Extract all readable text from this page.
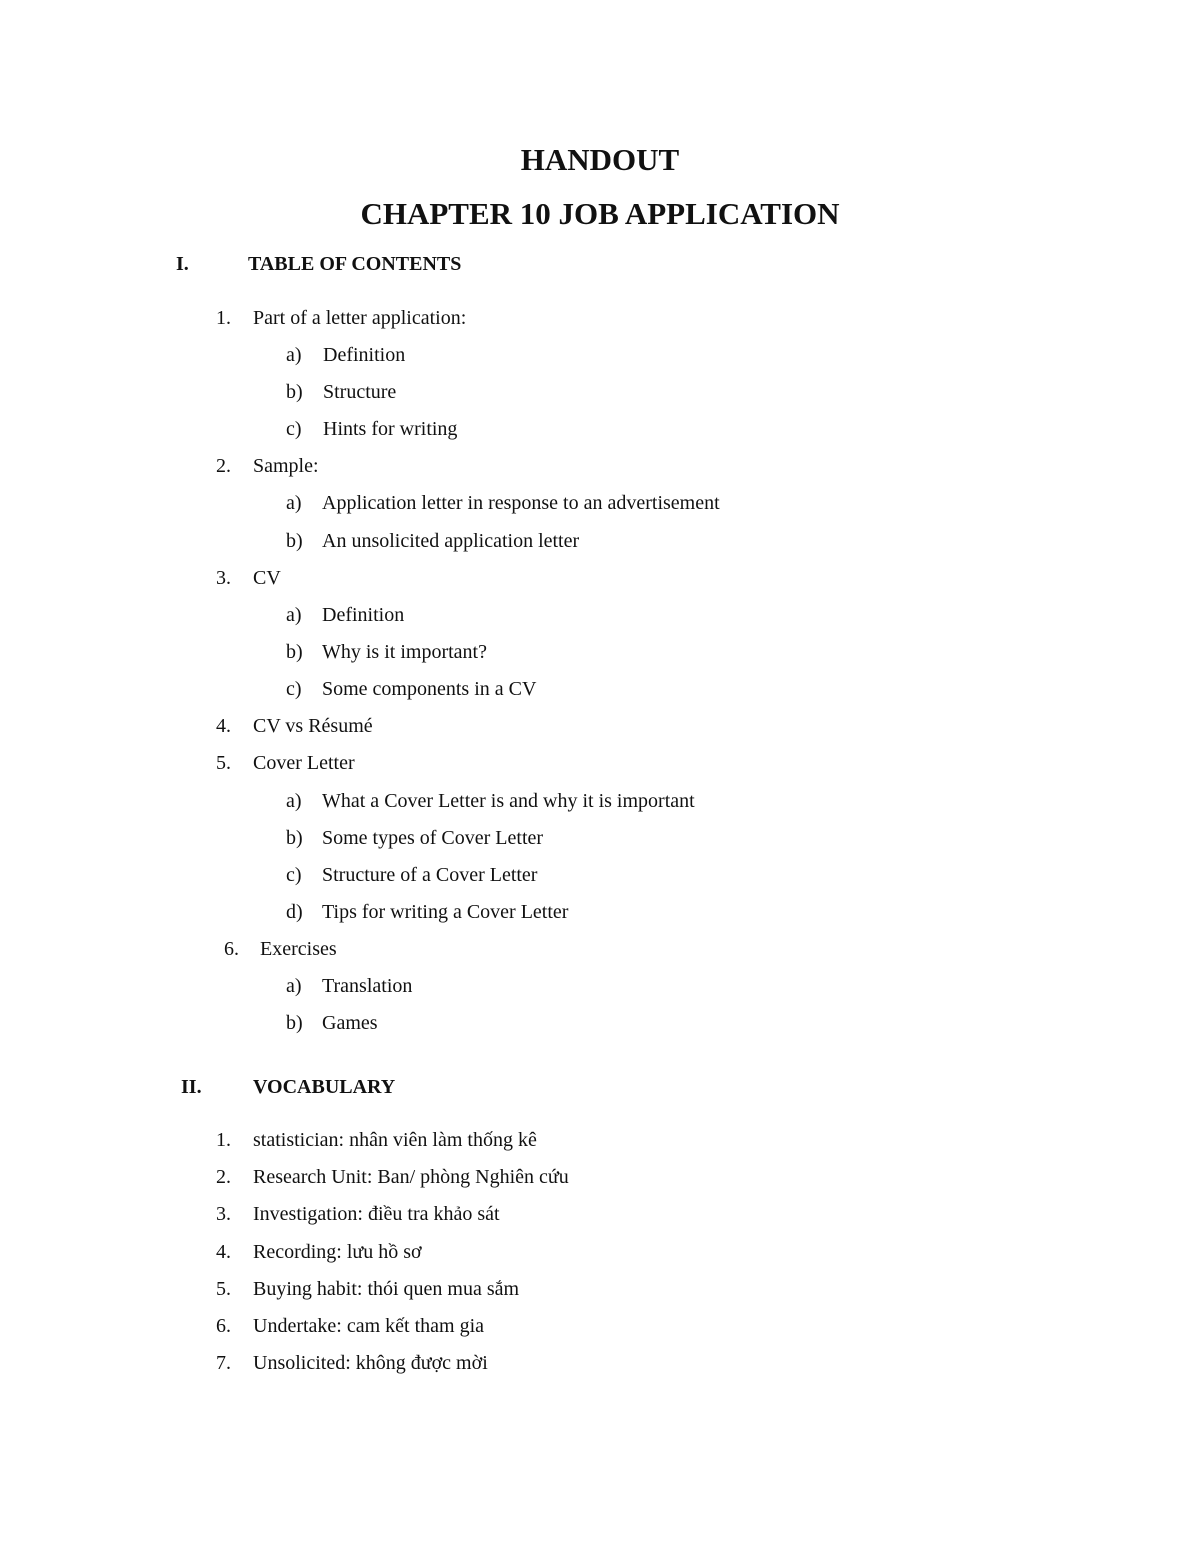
HANDOUT
CHAPTER 10 JOB APPLICATION
I.	TABLE OF CONTENTS
1. Part of a letter application:
a) Definition
b) Structure
c) Hints for writing
2. Sample:
a) Application letter in response to an advertisement
b) An unsolicited application letter
3. CV
a) Definition
b) Why is it important?
c) Some components in a CV
4. CV vs Résumé
5. Cover Letter
a) What a Cover Letter is and why it is important
b) Some types of Cover Letter
c) Structure of a Cover Letter
d) Tips for writing a Cover Letter
6. Exercises
a) Translation
b) Games
II.	VOCABULARY
1. statistician: nhân viên làm thống kê
2. Research Unit: Ban/ phòng Nghiên cứu
3. Investigation: điều tra khảo sát
4. Recording: lưu hồ sơ
5. Buying habit: thói quen mua sắm
6. Undertake: cam kết tham gia
7. Unsolicited: không được mời
